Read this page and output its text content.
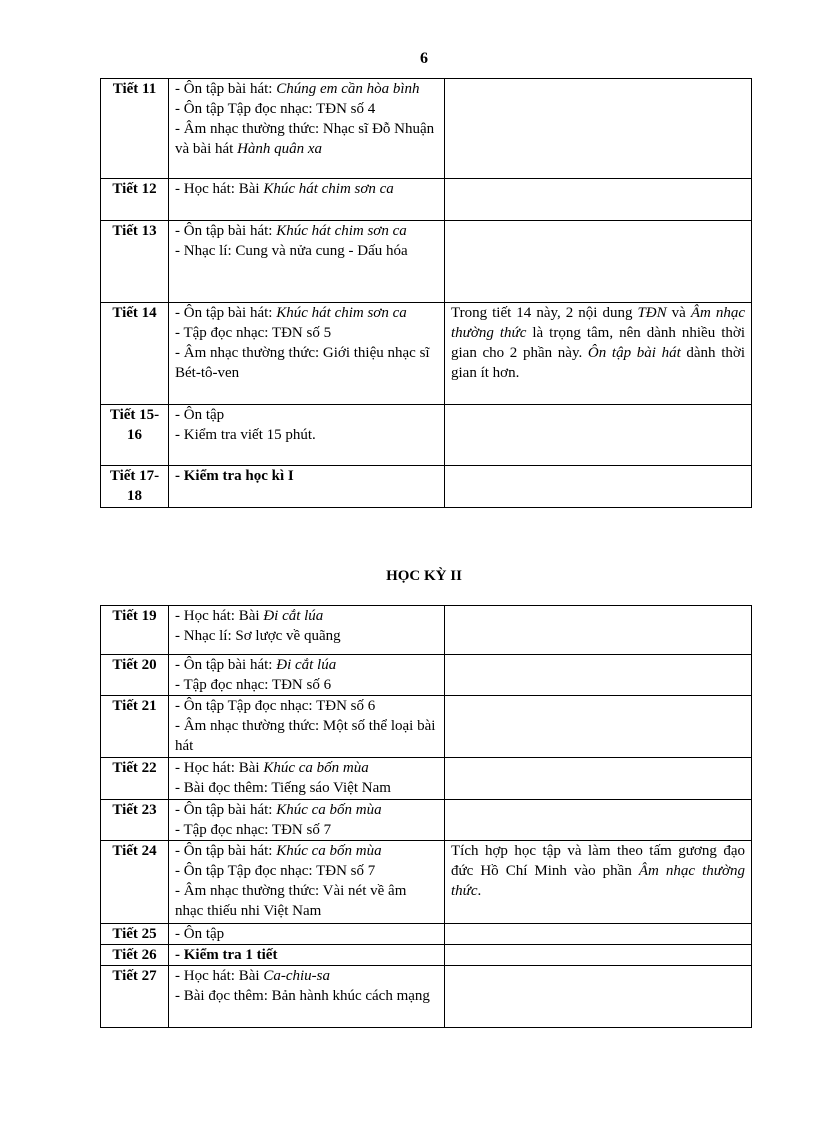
6
Tiết 11	- Ôn tập bài hát: Chúng em cần hòa bình
- Ôn tập Tập đọc nhạc: TĐN số 4
- Âm nhạc thường thức: Nhạc sĩ Đỗ Nhuận và bài hát Hành quân xa	

Tiết 12	- Học hát: Bài Khúc hát chim sơn ca	

Tiết 13	- Ôn tập bài hát: Khúc hát chim sơn ca
- Nhạc lí: Cung và nửa cung - Dấu hóa	

Tiết 14	- Ôn tập bài hát: Khúc hát chim sơn ca
- Tập đọc nhạc: TĐN số 5
- Âm nhạc thường thức: Giới thiệu nhạc sĩ Bét-tô-ven	Trong tiết 14 này, 2 nội dung TĐN và Âm nhạc thường thức là trọng tâm, nên dành nhiều thời gian cho 2 phần này. Ôn tập bài hát dành thời gian ít hơn.
Tiết 15-16	- Ôn tập
- Kiểm tra viết 15 phút.	

Tiết 17-18	- Kiểm tra học kì I	

HỌC KỲ II
Tiết 19	- Học hát: Bài Đi cắt lúa
- Nhạc lí: Sơ lược về quãng	

Tiết 20	- Ôn tập bài hát: Đi cắt lúa
- Tập đọc nhạc: TĐN số 6	

Tiết 21	- Ôn tập Tập đọc nhạc: TĐN số 6
- Âm nhạc thường thức: Một số thể loại bài hát	

Tiết 22	- Học hát: Bài Khúc ca bốn mùa
- Bài đọc thêm: Tiếng sáo Việt Nam	

Tiết 23	- Ôn tập bài hát: Khúc ca bốn mùa
- Tập đọc nhạc: TĐN số 7	

Tiết 24	- Ôn tập bài hát: Khúc ca bốn mùa
- Ôn tập Tập đọc nhạc: TĐN số 7
- Âm nhạc thường thức: Vài nét về âm nhạc thiếu nhi Việt Nam	Tích hợp học tập và làm theo tấm gương đạo đức Hồ Chí Minh vào phần Âm nhạc thường thức.
Tiết 25	- Ôn tập	

Tiết 26	- Kiểm tra 1 tiết	

Tiết 27	- Học hát: Bài Ca-chiu-sa
- Bài đọc thêm: Bản hành khúc cách mạng	
